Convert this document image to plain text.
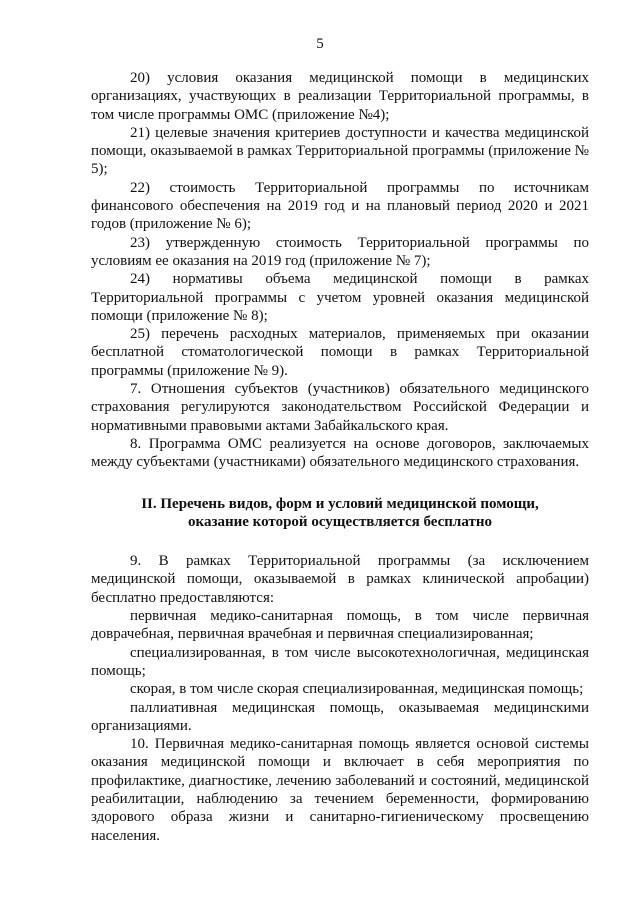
5

20) условия оказания медицинской помощи в медицинских организациях, участвующих в реализации Территориальной программы, в том числе программы ОМС (приложение №4);

21) целевые значения критериев доступности и качества медицинской помощи, оказываемой в рамках Территориальной программы (приложение № 5);

22) стоимость Территориальной программы по источникам финансового обеспечения на 2019 год и на плановый период 2020 и 2021 годов (приложение № 6);

23) утвержденную стоимость Территориальной программы по условиям ее оказания на 2019 год (приложение № 7);

24) нормативы объема медицинской помощи в рамках Территориальной программы с учетом уровней оказания медицинской помощи (приложение № 8);

25) перечень расходных материалов, применяемых при оказании бесплатной стоматологической помощи в рамках Территориальной программы (приложение № 9).

7. Отношения субъектов (участников) обязательного медицинского страхования регулируются законодательством Российской Федерации и нормативными правовыми актами Забайкальского края.

8. Программа ОМС реализуется на основе договоров, заключаемых между субъектами (участниками) обязательного медицинского страхования.

II. Перечень видов, форм и условий медицинской помощи,
оказание которой осуществляется бесплатно

9. В рамках Территориальной программы (за исключением медицинской помощи, оказываемой в рамках клинической апробации) бесплатно предоставляются:

первичная медико-санитарная помощь, в том числе первичная доврачебная, первичная врачебная и первичная специализированная;

специализированная, в том числе высокотехнологичная, медицинская помощь;

скорая, в том числе скорая специализированная, медицинская помощь;

паллиативная медицинская помощь, оказываемая медицинскими организациями.

10. Первичная медико-санитарная помощь является основой системы оказания медицинской помощи и включает в себя мероприятия по профилактике, диагностике, лечению заболеваний и состояний, медицинской реабилитации, наблюдению за течением беременности, формированию здорового образа жизни и санитарно-гигиеническому просвещению населения.
